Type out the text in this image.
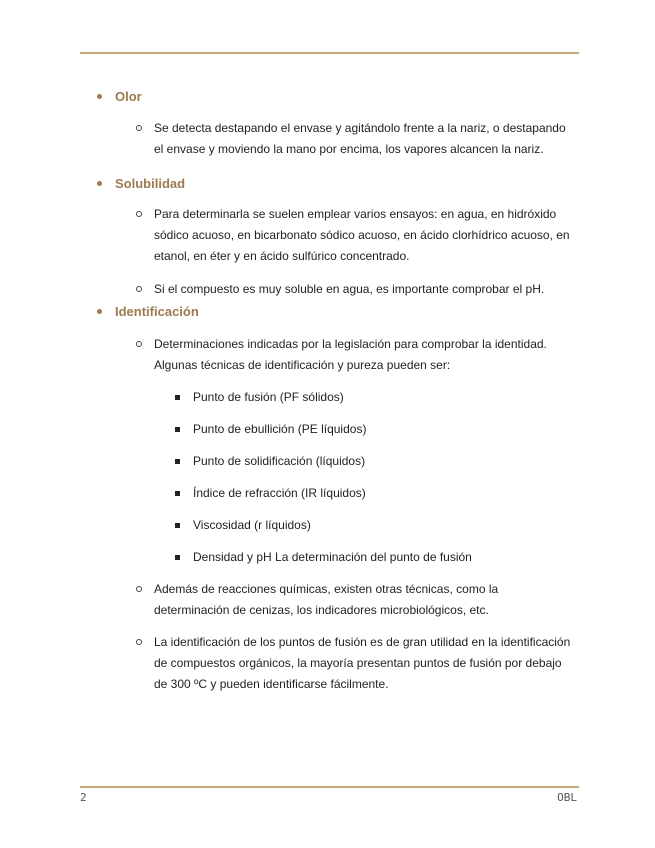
Olor
Se detecta destapando el envase y agitándolo frente a la nariz, o destapando el envase y moviendo la mano por encima, los vapores alcancen la nariz.
Solubilidad
Para determinarla se suelen emplear varios ensayos: en agua, en hidróxido sódico acuoso, en bicarbonato sódico acuoso, en ácido clorhídrico acuoso, en etanol, en éter y en ácido sulfúrico concentrado.
Si el compuesto es muy soluble en agua, es importante comprobar el pH.
Identificación
Determinaciones indicadas por la legislación para comprobar la identidad. Algunas técnicas de identificación y pureza pueden ser:
Punto de fusión (PF sólidos)
Punto de ebullición (PE líquidos)
Punto de solidificación (líquidos)
Índice de refracción (IR líquidos)
Viscosidad (r líquidos)
Densidad y pH La determinación del punto de fusión
Además de reacciones químicas, existen otras técnicas, como la determinación de cenizas, los indicadores microbiológicos, etc.
La identificación de los puntos de fusión es de gran utilidad en la identificación de compuestos orgánicos, la mayoría presentan puntos de fusión por debajo de 300 ºC y pueden identificarse fácilmente.
2	OBL
